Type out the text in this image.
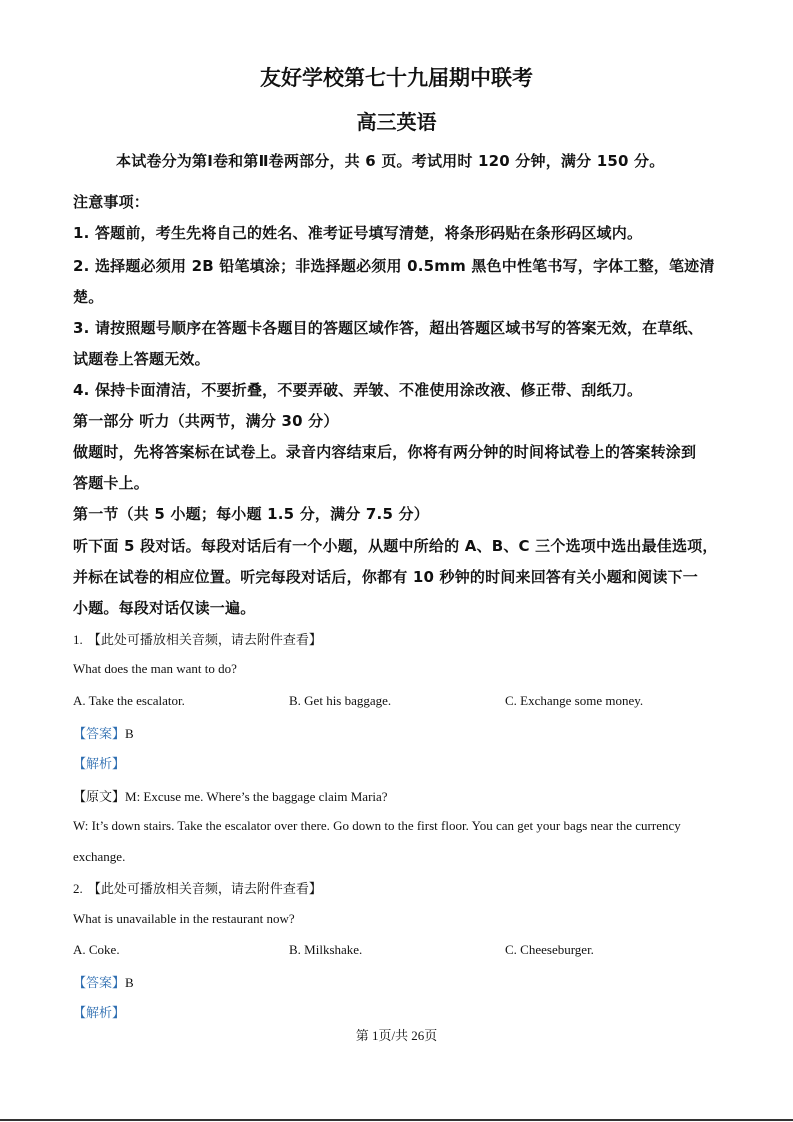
友好学校第七十九届期中联考
高三英语
本试卷分为第Ⅰ卷和第Ⅱ卷两部分，共 6 页。考试用时 120 分钟，满分 150 分。
注意事项：
1. 答题前，考生先将自己的姓名、准考证号填写清楚，将条形码贴在条形码区域内。
2. 选择题必须用 2B 铅笔填涂；非选择题必须用 0.5mm 黑色中性笔书写，字体工整，笔迹清
楚。
3. 请按照题号顺序在答题卡各题目的答题区域作答，超出答题区域书写的答案无效，在草纸、
试题卷上答题无效。
4. 保持卡面清洁，不要折叠，不要弄破、弄皱、不准使用涂改液、修正带、刮纸刀。
第一部分 听力（共两节，满分 30 分）
做题时，先将答案标在试卷上。录音内容结束后，你将有两分钟的时间将试卷上的答案转涂到
答题卡上。
第一节（共 5 小题；每小题 1.5 分，满分 7.5 分）
听下面 5 段对话。每段对话后有一个小题，从题中所给的 A、B、C 三个选项中选出最佳选项，
并标在试卷的相应位置。听完每段对话后，你都有 10 秒钟的时间来回答有关小题和阅读下一
小题。每段对话仅读一遍。
1. 【此处可播放相关音频，请去附件查看】
What does the man want to do?
A. Take the escalator.	B. Get his baggage.	C. Exchange some money.
【答案】B
【解析】
【原文】M: Excuse me. Where’s the baggage claim Maria?
W: It’s down stairs. Take the escalator over there. Go down to the first floor. You can get your bags near the currency
exchange.
2. 【此处可播放相关音频，请去附件查看】
What is unavailable in the restaurant now?
A. Coke.	B. Milkshake.	C. Cheeseburger.
【答案】B
【解析】
第 1页/共 26页
